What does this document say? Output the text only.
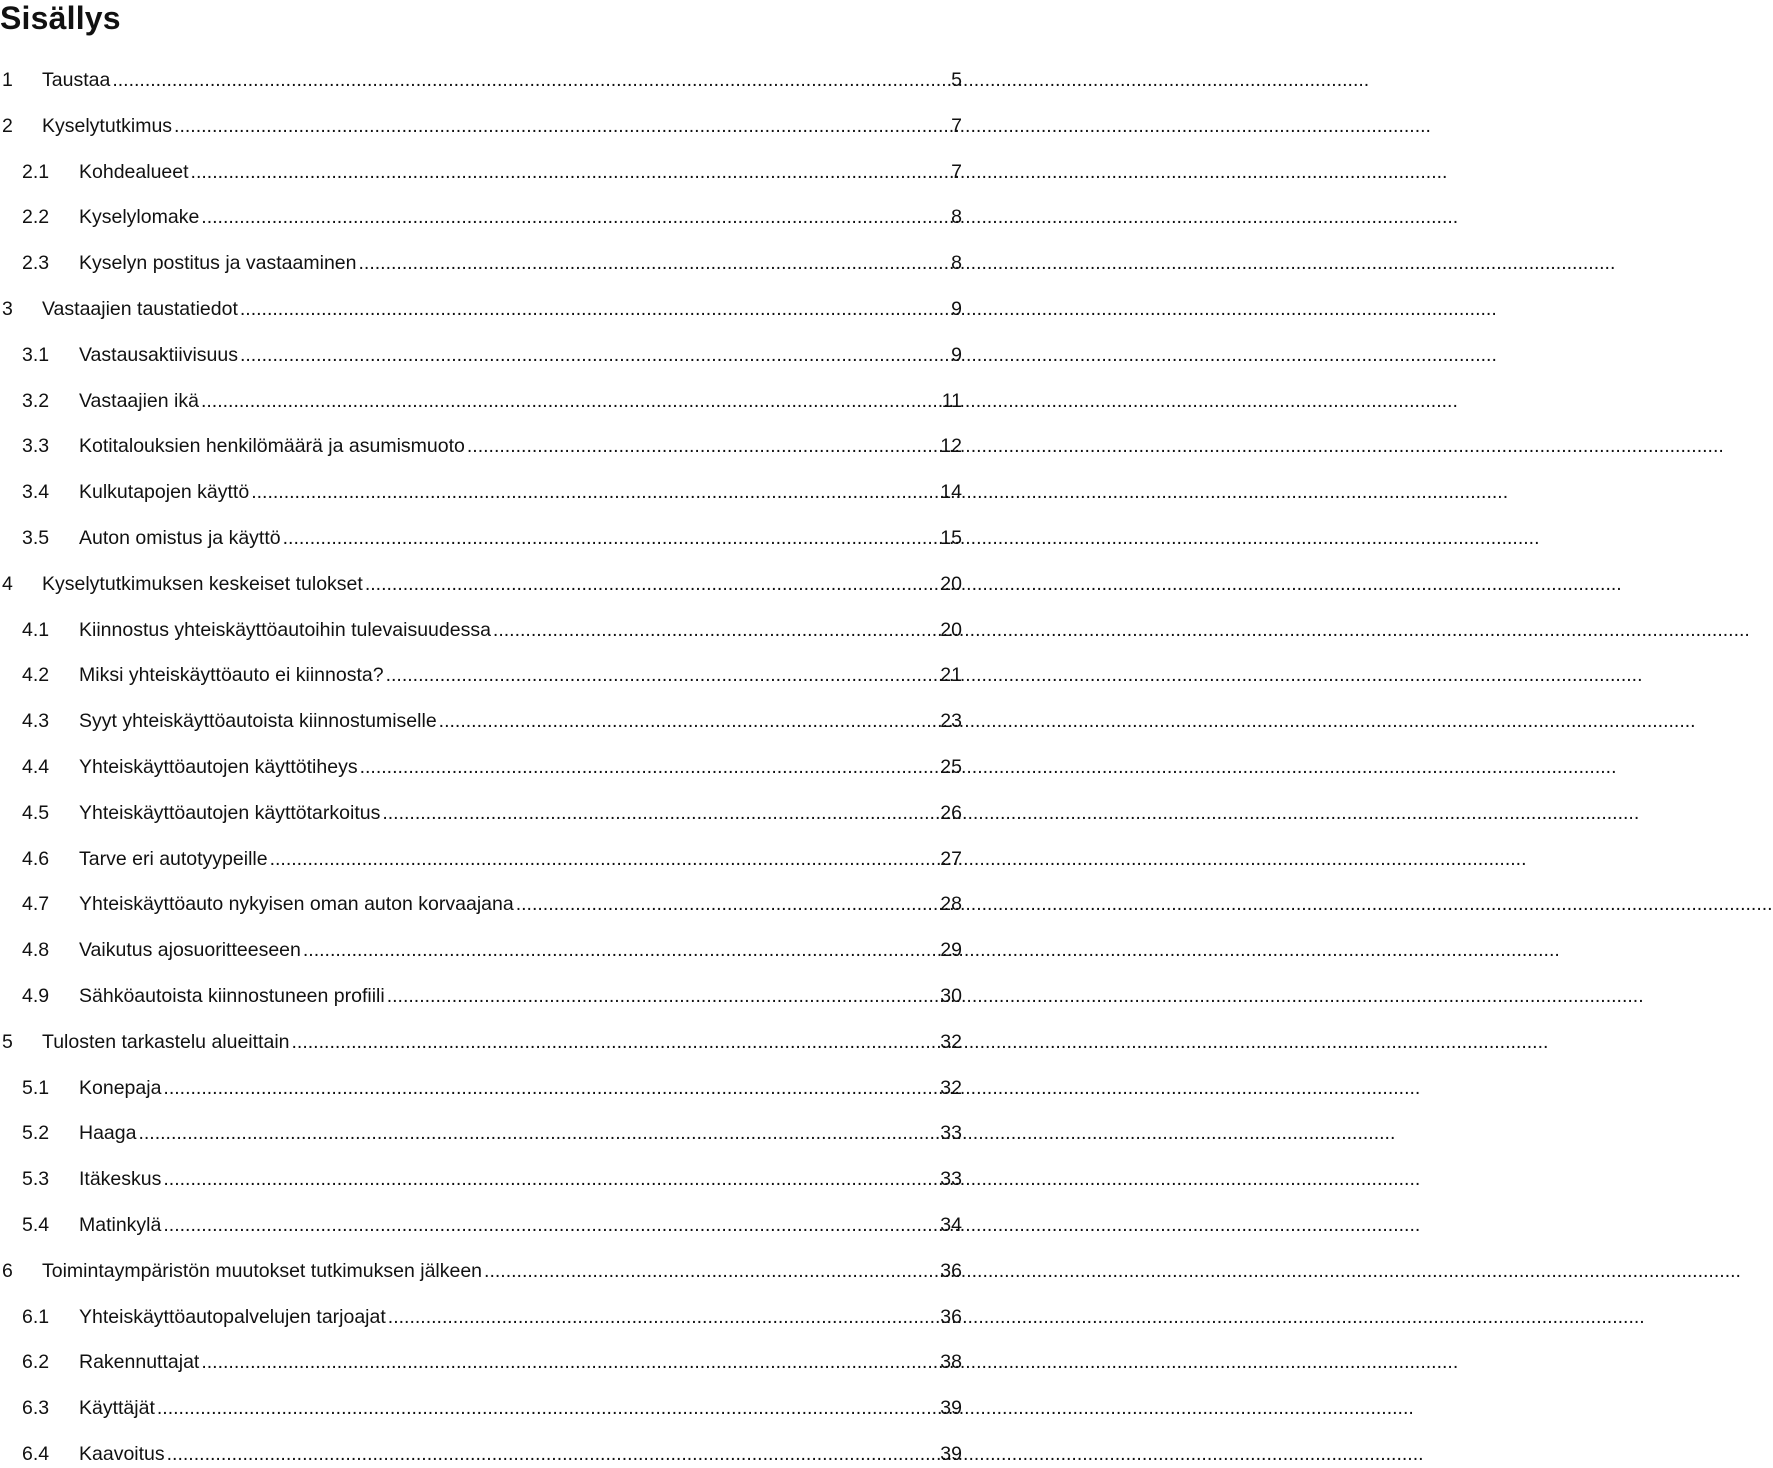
Sisällys
1	Taustaa .....	5
2	Kyselytutkimus .....	7
2.1	Kohdealueet .....	7
2.2	Kyselylomake .....	8
2.3	Kyselyn postitus ja vastaaminen .....	8
3	Vastaajien taustatiedot .....	9
3.1	Vastausaktiivisuus .....	9
3.2	Vastaajien ikä .....	11
3.3	Kotitalouksien henkilömäärä ja asumismuoto .....	12
3.4	Kulkutapojen käyttö .....	14
3.5	Auton omistus ja käyttö .....	15
4	Kyselytutkimuksen keskeiset tulokset .....	20
4.1	Kiinnostus yhteiskäyttöautoihin tulevaisuudessa .....	20
4.2	Miksi yhteiskäyttöauto ei kiinnosta? .....	21
4.3	Syyt yhteiskäyttöautoista kiinnostumiselle .....	23
4.4	Yhteiskäyttöautojen käyttötiheys .....	25
4.5	Yhteiskäyttöautojen käyttötarkoitus .....	26
4.6	Tarve eri autotyypeille .....	27
4.7	Yhteiskäyttöauto nykyisen oman auton korvaajana .....	28
4.8	Vaikutus ajosuoritteeseen .....	29
4.9	Sähköautoista kiinnostuneen profiili .....	30
5	Tulosten tarkastelu alueittain .....	32
5.1	Konepaja .....	32
5.2	Haaga .....	33
5.3	Itäkeskus .....	33
5.4	Matinkylä .....	34
6	Toimintaympäristön muutokset tutkimuksen jälkeen .....	36
6.1	Yhteiskäyttöautopalvelujen tarjoajat .....	36
6.2	Rakennuttajat .....	38
6.3	Käyttäjät .....	39
6.4	Kaavoitus .....	39
